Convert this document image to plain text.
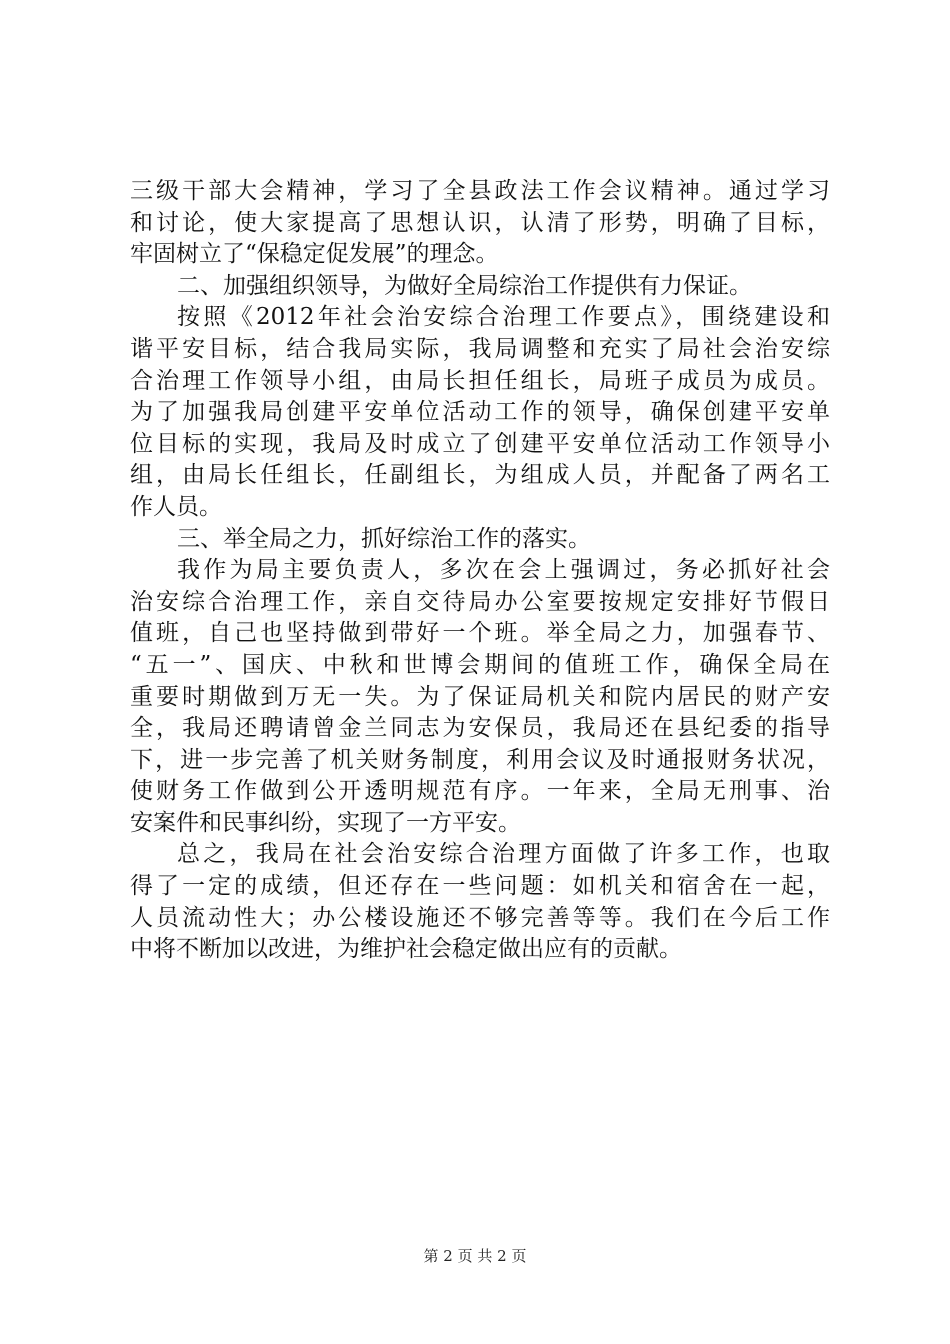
三级干部大会精神，学习了全县政法工作会议精神。通过学习
和讨论，使大家提高了思想认识，认清了形势，明确了目标，
牢固树立了“保稳定促发展”的理念。
二、加强组织领导，为做好全局综治工作提供有力保证。
按照《2012年社会治安综合治理工作要点》，围绕建设和
谐平安目标，结合我局实际，我局调整和充实了局社会治安综
合治理工作领导小组，由局长担任组长，局班子成员为成员。
为了加强我局创建平安单位活动工作的领导，确保创建平安单
位目标的实现，我局及时成立了创建平安单位活动工作领导小
组，由局长任组长，任副组长，为组成人员，并配备了两名工
作人员。
三、举全局之力，抓好综治工作的落实。
我作为局主要负责人，多次在会上强调过，务必抓好社会
治安综合治理工作，亲自交待局办公室要按规定安排好节假日
值班，自己也坚持做到带好一个班。举全局之力，加强春节、
“五一”、国庆、中秋和世博会期间的值班工作，确保全局在
重要时期做到万无一失。为了保证局机关和院内居民的财产安
全，我局还聘请曾金兰同志为安保员，我局还在县纪委的指导
下，进一步完善了机关财务制度，利用会议及时通报财务状况，
使财务工作做到公开透明规范有序。一年来，全局无刑事、治
安案件和民事纠纷，实现了一方平安。
总之，我局在社会治安综合治理方面做了许多工作，也取
得了一定的成绩，但还存在一些问题：如机关和宿舍在一起，
人员流动性大；办公楼设施还不够完善等等。我们在今后工作
中将不断加以改进，为维护社会稳定做出应有的贡献。
第 2 页 共 2 页
